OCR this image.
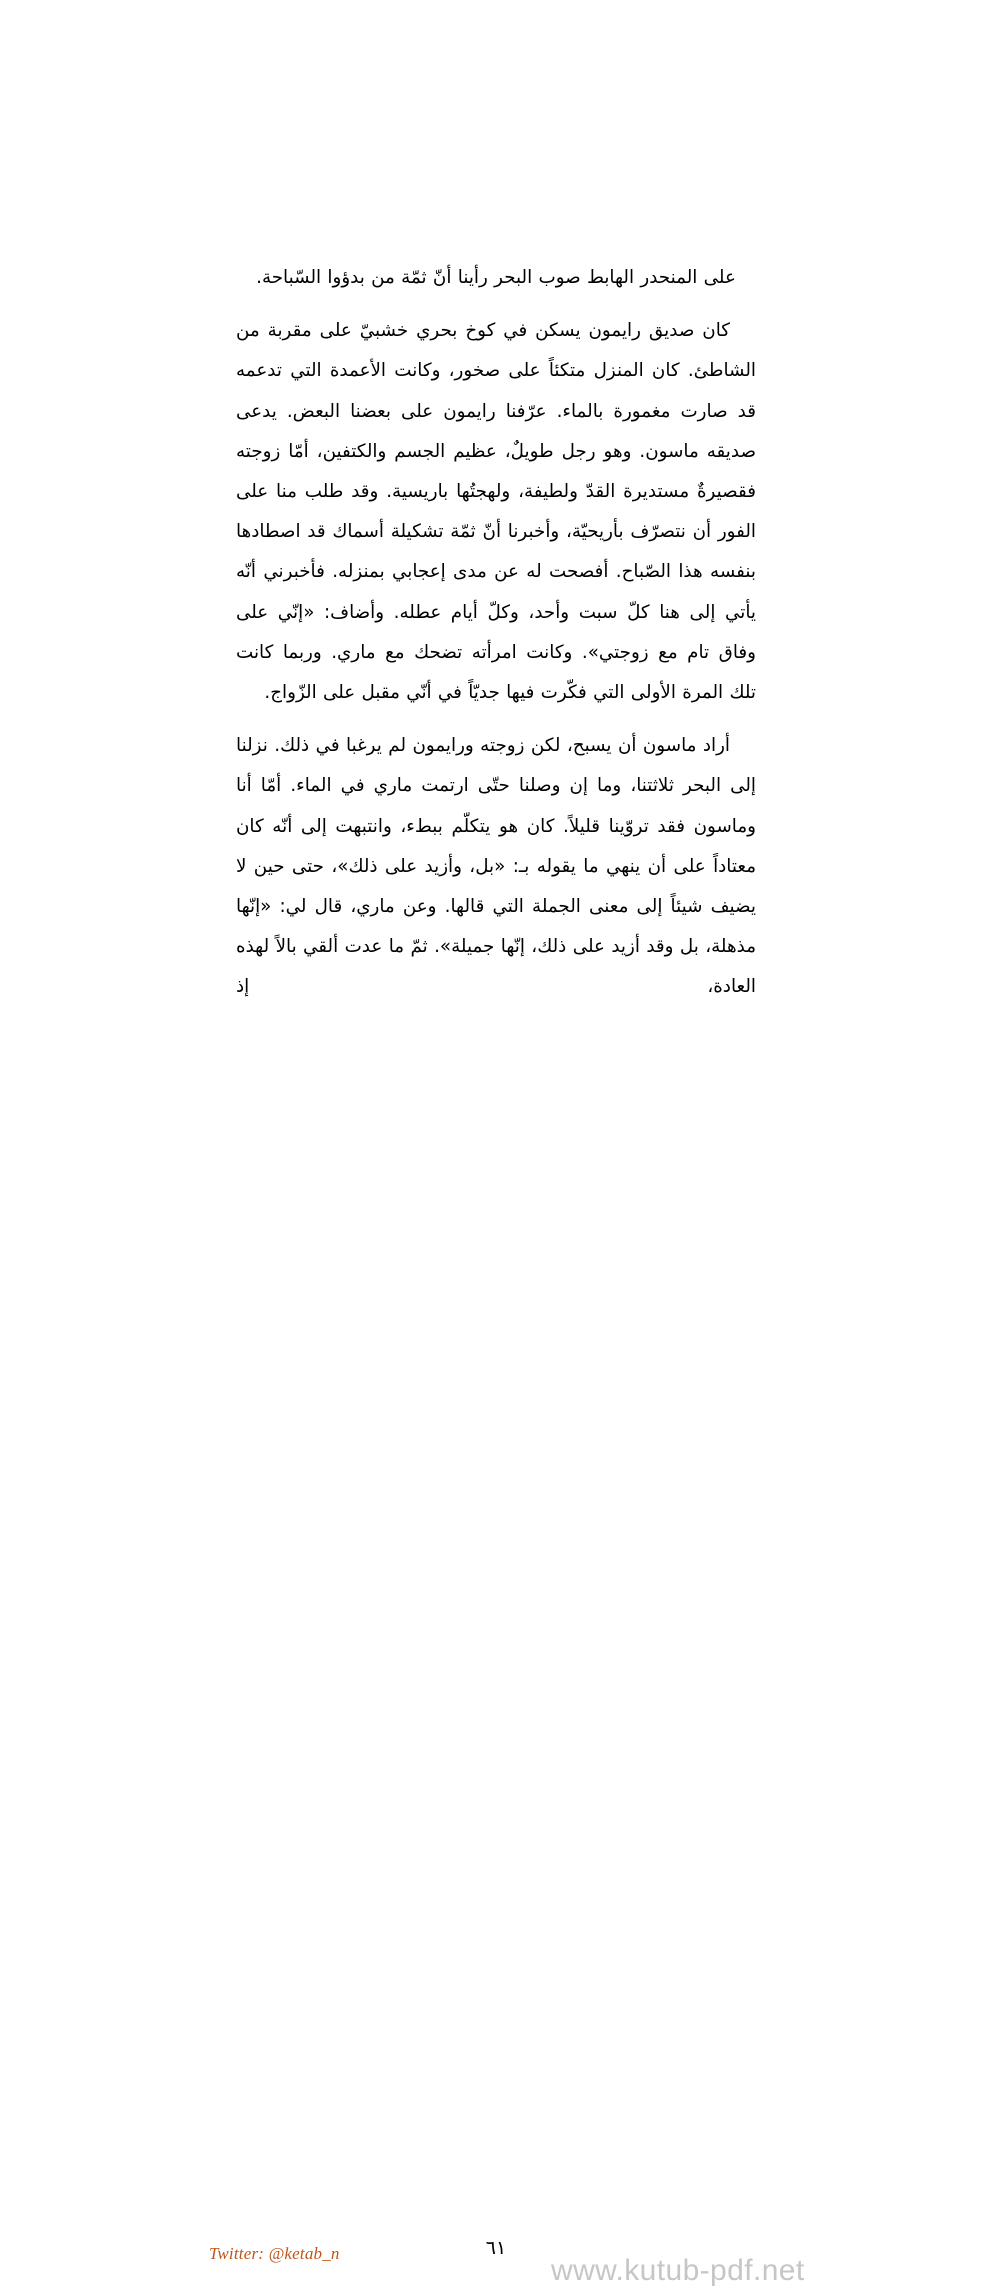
على المنحدر الهابط صوب البحر رأينا أنّ ثمّة من بدؤوا السّباحة.

كان صديق رايمون يسكن في كوخ بحري خشبيّ على مقربة من الشاطئ. كان المنزل متكئاً على صخور، وكانت الأعمدة التي تدعمه قد صارت مغمورة بالماء. عرّفنا رايمون على بعضنا البعض. يدعى صديقه ماسون. وهو رجل طويلٌ، عظيم الجسم والكتفين، أمّا زوجته فقصيرةٌ مستديرة القدّ ولطيفة، ولهجتُها باريسية. وقد طلب منا على الفور أن نتصرّف بأريحيّة، وأخبرنا أنّ ثمّة تشكيلة أسماك قد اصطادها بنفسه هذا الصّباح. أفصحت له عن مدى إعجابي بمنزله. فأخبرني أنّه يأتي إلى هنا كلّ سبت وأحد، وكلّ أيام عطله. وأضاف: «إنّي على وفاق تام مع زوجتي». وكانت امرأته تضحك مع ماري. وربما كانت تلك المرة الأولى التي فكّرت فيها جديّاً في أنّي مقبل على الزّواج.

أراد ماسون أن يسبح، لكن زوجته ورايمون لم يرغبا في ذلك. نزلنا إلى البحر ثلاثتنا، وما إن وصلنا حتّى ارتمت ماري في الماء. أمّا أنا وماسون فقد تروّينا قليلاً. كان هو يتكلّم ببطء، وانتبهت إلى أنّه كان معتاداً على أن ينهي ما يقوله بـ: «بل، وأزيد على ذلك»، حتى حين لا يضيف شيئاً إلى معنى الجملة التي قالها. وعن ماري، قال لي: «إنّها مذهلة، بل وقد أزيد على ذلك، إنّها جميلة». ثمّ ما عدت ألقي بالاً لهذه العادة، إذ

Twitter: @ketab_n	٦١
www.kutub-pdf.net
